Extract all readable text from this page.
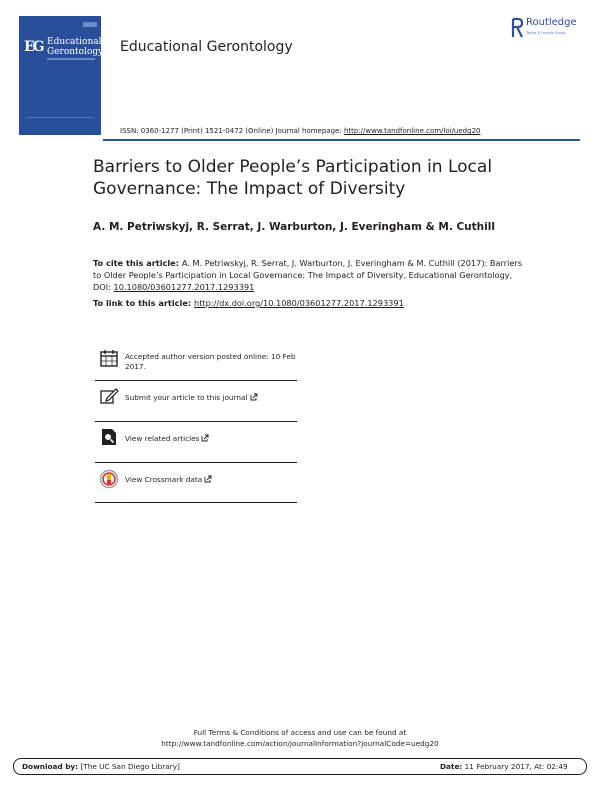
EG Educational
Gerontology
Routledge
Educational Gerontology
Routledge
Taylor & Francis Group
ISSN: 0360-1277 (Print) 1521-0472 (Online) Journal homepage: http://www.tandfonline.com/loi/uedg20
Barriers to Older People’s Participation in Local Governance: The Impact of Diversity
A. M. Petriwskyj, R. Serrat, J. Warburton, J. Everingham & M. Cuthill
To cite this article: A. M. Petriwskyj, R. Serrat, J. Warburton, J. Everingham & M. Cuthill (2017): Barriers to Older People’s Participation in Local Governance: The Impact of Diversity, Educational Gerontology, DOI: 10.1080/03601277.2017.1293391
To link to this article: http://dx.doi.org/10.1080/03601277.2017.1293391
Accepted author version posted online: 10 Feb 2017.
Submit your article to this journal
View related articles
View Crossmark data
Full Terms & Conditions of access and use can be found at
http://www.tandfonline.com/action/journalInformation?journalCode=uedg20
Download by: [The UC San Diego Library]	Date: 11 February 2017, At: 02:49
